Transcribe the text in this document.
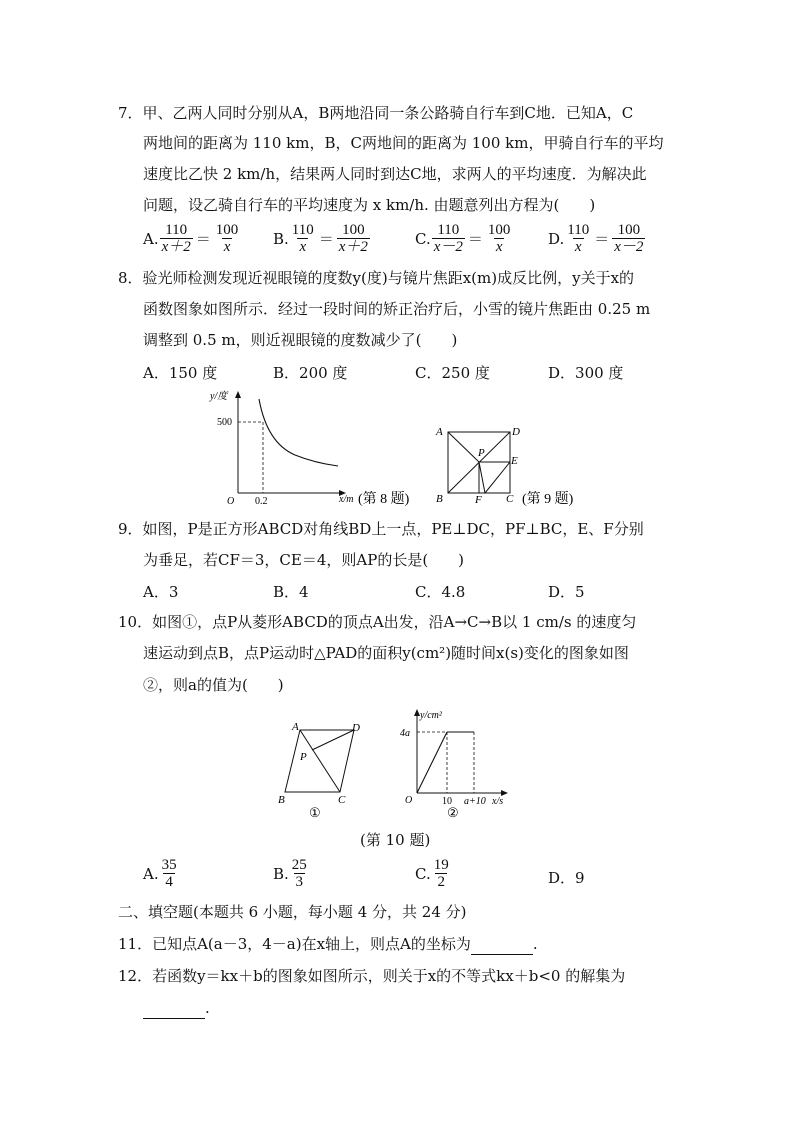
7．甲、乙两人同时分别从A，B两地沿同一条公路骑自行车到C地．已知A，C
两地间的距离为 110 km，B，C两地间的距离为 100 km，甲骑自行车的平均
速度比乙快 2 km/h，结果两人同时到达C地，求两人的平均速度．为解决此
问题，设乙骑自行车的平均速度为 x km/h. 由题意列出方程为(　　)
A. $\frac{110}{x+2} = \frac{100}{x} B$. $\frac{110}{x} = \frac{100}{x+2}$	C. $\frac{110}{x-2} = \frac{100}{x} D$. $\frac{110}{x} = \frac{100}{x-2}$
8．验光师检测发现近视眼镜的度数y(度)与镜片焦距x(m)成反比例，y关于x的
函数图象如图所示．经过一段时间的矫正治疗后，小雪的镜片焦距由 0.25 m
调整到 0.5 m，则近视眼镜的度数减少了(　　)
A．150 度	B．200 度	C．250 度	D．300 度
y/度
500
O 0.2	x/m (第 8 题)
A	D
B	C
P
E
F	(第 9 题)
9．如图，P是正方形ABCD对角线BD上一点，PE⊥DC，PF⊥BC，E、F分别
为垂足，若CF＝3，CE＝4，则AP的长是(　　)
A．3	B．4	C．4.8	D．5
10．如图①，点P从菱形ABCD的顶点A出发，沿A→C→B以 1 cm/s 的速度匀
速运动到点B，点P运动时△PAD的面积y(cm²)随时间x(s)变化的图象如图
②，则a的值为(　　)
A	D
B	C
P
①
y/cm²
4a
O	10 a+10 x/s
②
(第 10 题)
A. $\frac{35}{4}$	B. $\frac{25}{3}$	C. $\frac{19}{2}$	D．9
二、填空题(本题共 6 小题，每小题 4 分，共 24 分)
11．已知点A(a－3，4－a)在x轴上，则点A的坐标为	.
12．若函数y＝kx＋b的图象如图所示，则关于x的不等式kx＋b<0 的解集为
.
